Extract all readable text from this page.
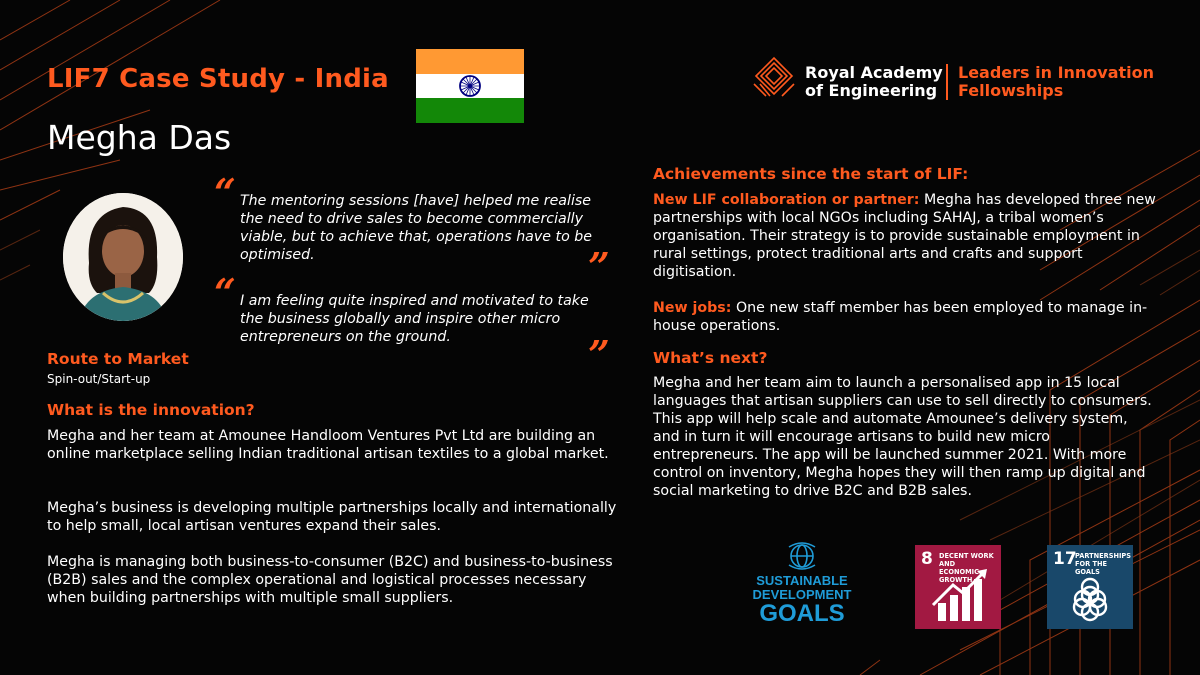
LIF7 Case Study - India
Megha Das
Royal Academy
of Engineering
Leaders in Innovation
Fellowships
“ The mentoring sessions [have] helped me realise the need to drive sales to become commercially viable, but to achieve that, operations have to be optimised.	”
“ I am feeling quite inspired and motivated to take the business globally and inspire other micro entrepreneurs on the ground.	”
Route to Market
Spin-out/Start-up
What is the innovation?
Megha and her team at Amounee Handloom Ventures Pvt Ltd are building an online marketplace selling Indian traditional artisan textiles to a global market.
Megha’s business is developing multiple partnerships locally and internationally to help small, local artisan ventures expand their sales.
Megha is managing both business-to-consumer (B2C) and business-to-business (B2B) sales and the complex operational and logistical processes necessary when building partnerships with multiple small suppliers.
Achievements since the start of LIF:
New LIF collaboration or partner: Megha has developed three new partnerships with local NGOs including SAHAJ, a tribal women’s organisation. Their strategy is to provide sustainable employment in rural settings, protect traditional arts and crafts and support digitisation.
New jobs: One new staff member has been employed to manage in-house operations.
What’s next?
Megha and her team aim to launch a personalised app in 15 local languages that artisan suppliers can use to sell directly to consumers. This app will help scale and automate Amounee’s delivery system, and in turn it will encourage artisans to build new micro entrepreneurs. The app will be launched summer 2021. With more control on inventory, Megha hopes they will then ramp up digital and social marketing to drive B2C and B2B sales.
SUSTAINABLE
DEVELOPMENT
GOALS
8 DECENT WORK AND
ECONOMIC GROWTH
17
PARTNERSHIPS
FOR THE GOALS
